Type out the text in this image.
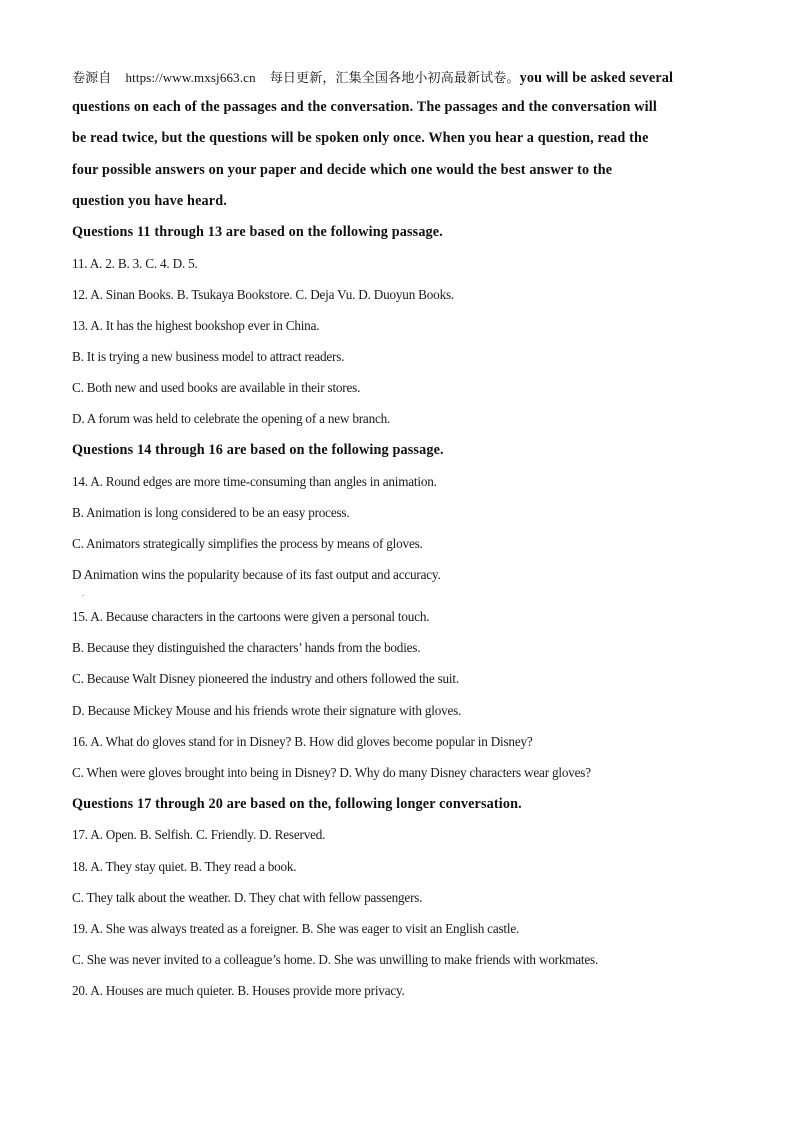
卷源自 https://www.mxsj663.cn 每日更新，汇集全国各地小初高最新试卷。you will be asked several
questions on each of the passages and the conversation. The passages and the conversation will
be read twice, but the questions will be spoken only once. When you hear a question, read the
four possible answers on your paper and decide which one would the best answer to the
question you have heard.
Questions 11 through 13 are based on the following passage.
11. A. 2. B. 3. C. 4. D. 5.
12. A. Sinan Books. B. Tsukaya Bookstore. C. Deja Vu. D. Duoyun Books.
13. A. It has the highest bookshop ever in China.
B. It is trying a new business model to attract readers.
C. Both new and used books are available in their stores.
D. A forum was held to celebrate the opening of a new branch.
Questions 14 through 16 are based on the following passage.
14. A. Round edges are more time-consuming than angles in animation.
B. Animation is long considered to be an easy process.
C. Animators strategically simplifies the process by means of gloves.
D Animation wins the popularity because of its fast output and accuracy.
.
15. A. Because characters in the cartoons were given a personal touch.
B. Because they distinguished the characters’ hands from the bodies.
C. Because Walt Disney pioneered the industry and others followed the suit.
D. Because Mickey Mouse and his friends wrote their signature with gloves.
16. A. What do gloves stand for in Disney? B. How did gloves become popular in Disney?
C. When were gloves brought into being in Disney? D. Why do many Disney characters wear gloves?
Questions 17 through 20 are based on the, following longer conversation.
17. A. Open. B. Selfish. C. Friendly. D. Reserved.
18. A. They stay quiet. B. They read a book.
C. They talk about the weather. D. They chat with fellow passengers.
19. A. She was always treated as a foreigner. B. She was eager to visit an English castle.
C. She was never invited to a colleague’s home. D. She was unwilling to make friends with workmates.
20. A. Houses are much quieter. B. Houses provide more privacy.
